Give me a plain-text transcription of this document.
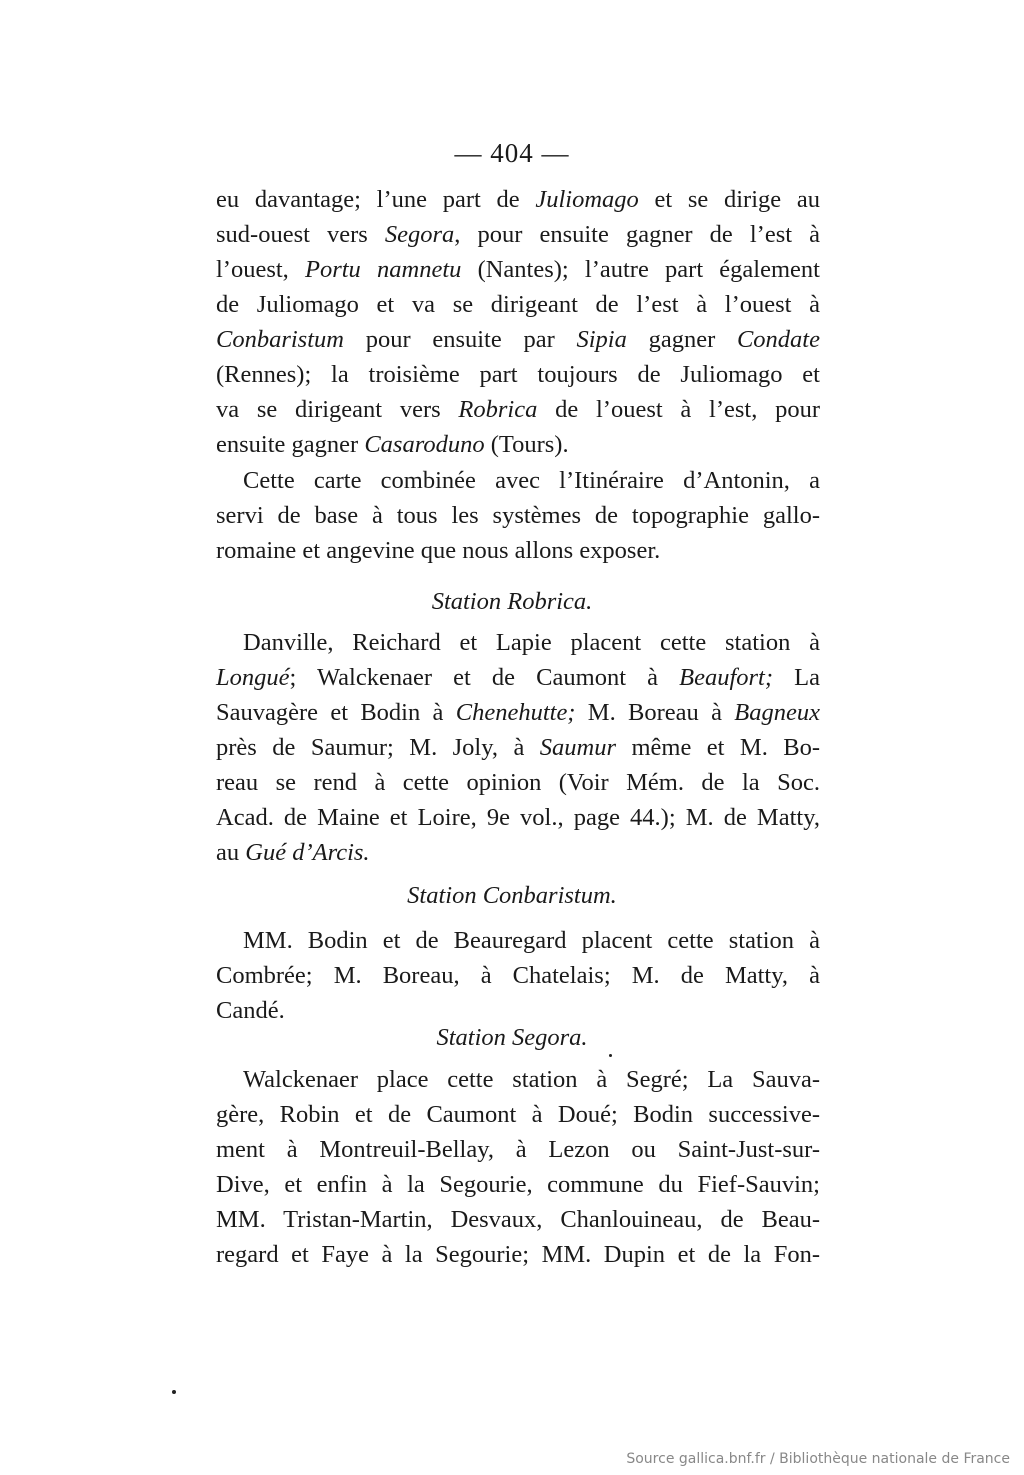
— 404 —
eu davantage; l’une part de Juliomago et se dirige au
sud-ouest vers Segora, pour ensuite gagner de l’est à
l’ouest, Portu namnetu (Nantes); l’autre part également
de Juliomago et va se dirigeant de l’est à l’ouest à
Conbaristum pour ensuite par Sipia gagner Condate
(Rennes); la troisième part toujours de Juliomago et
va se dirigeant vers Robrica de l’ouest à l’est, pour
ensuite gagner Casaroduno (Tours).
Cette carte combinée avec l’Itinéraire d’Antonin, a
servi de base à tous les systèmes de topographie gallo-
romaine et angevine que nous allons exposer.
Station Robrica.
Danville, Reichard et Lapie placent cette station à
Longué; Walckenaer et de Caumont à Beaufort; La
Sauvagère et Bodin à Chenehutte; M. Boreau à Bagneux
près de Saumur; M. Joly, à Saumur même et M. Bo-
reau se rend à cette opinion (Voir Mém. de la Soc.
Acad. de Maine et Loire, 9e vol., page 44.); M. de Matty,
au Gué d’Arcis.
Station Conbaristum.
MM. Bodin et de Beauregard placent cette station à
Combrée; M. Boreau, à Chatelais; M. de Matty, à
Candé.
Station Segora.
Walckenaer place cette station à Segré; La Sauva-
gère, Robin et de Caumont à Doué; Bodin successive-
ment à Montreuil-Bellay, à Lezon ou Saint-Just-sur-
Dive, et enfin à la Segourie, commune du Fief-Sauvin;
MM. Tristan-Martin, Desvaux, Chanlouineau, de Beau-
regard et Faye à la Segourie; MM. Dupin et de la Fon-
Source gallica.bnf.fr / Bibliothèque nationale de France
